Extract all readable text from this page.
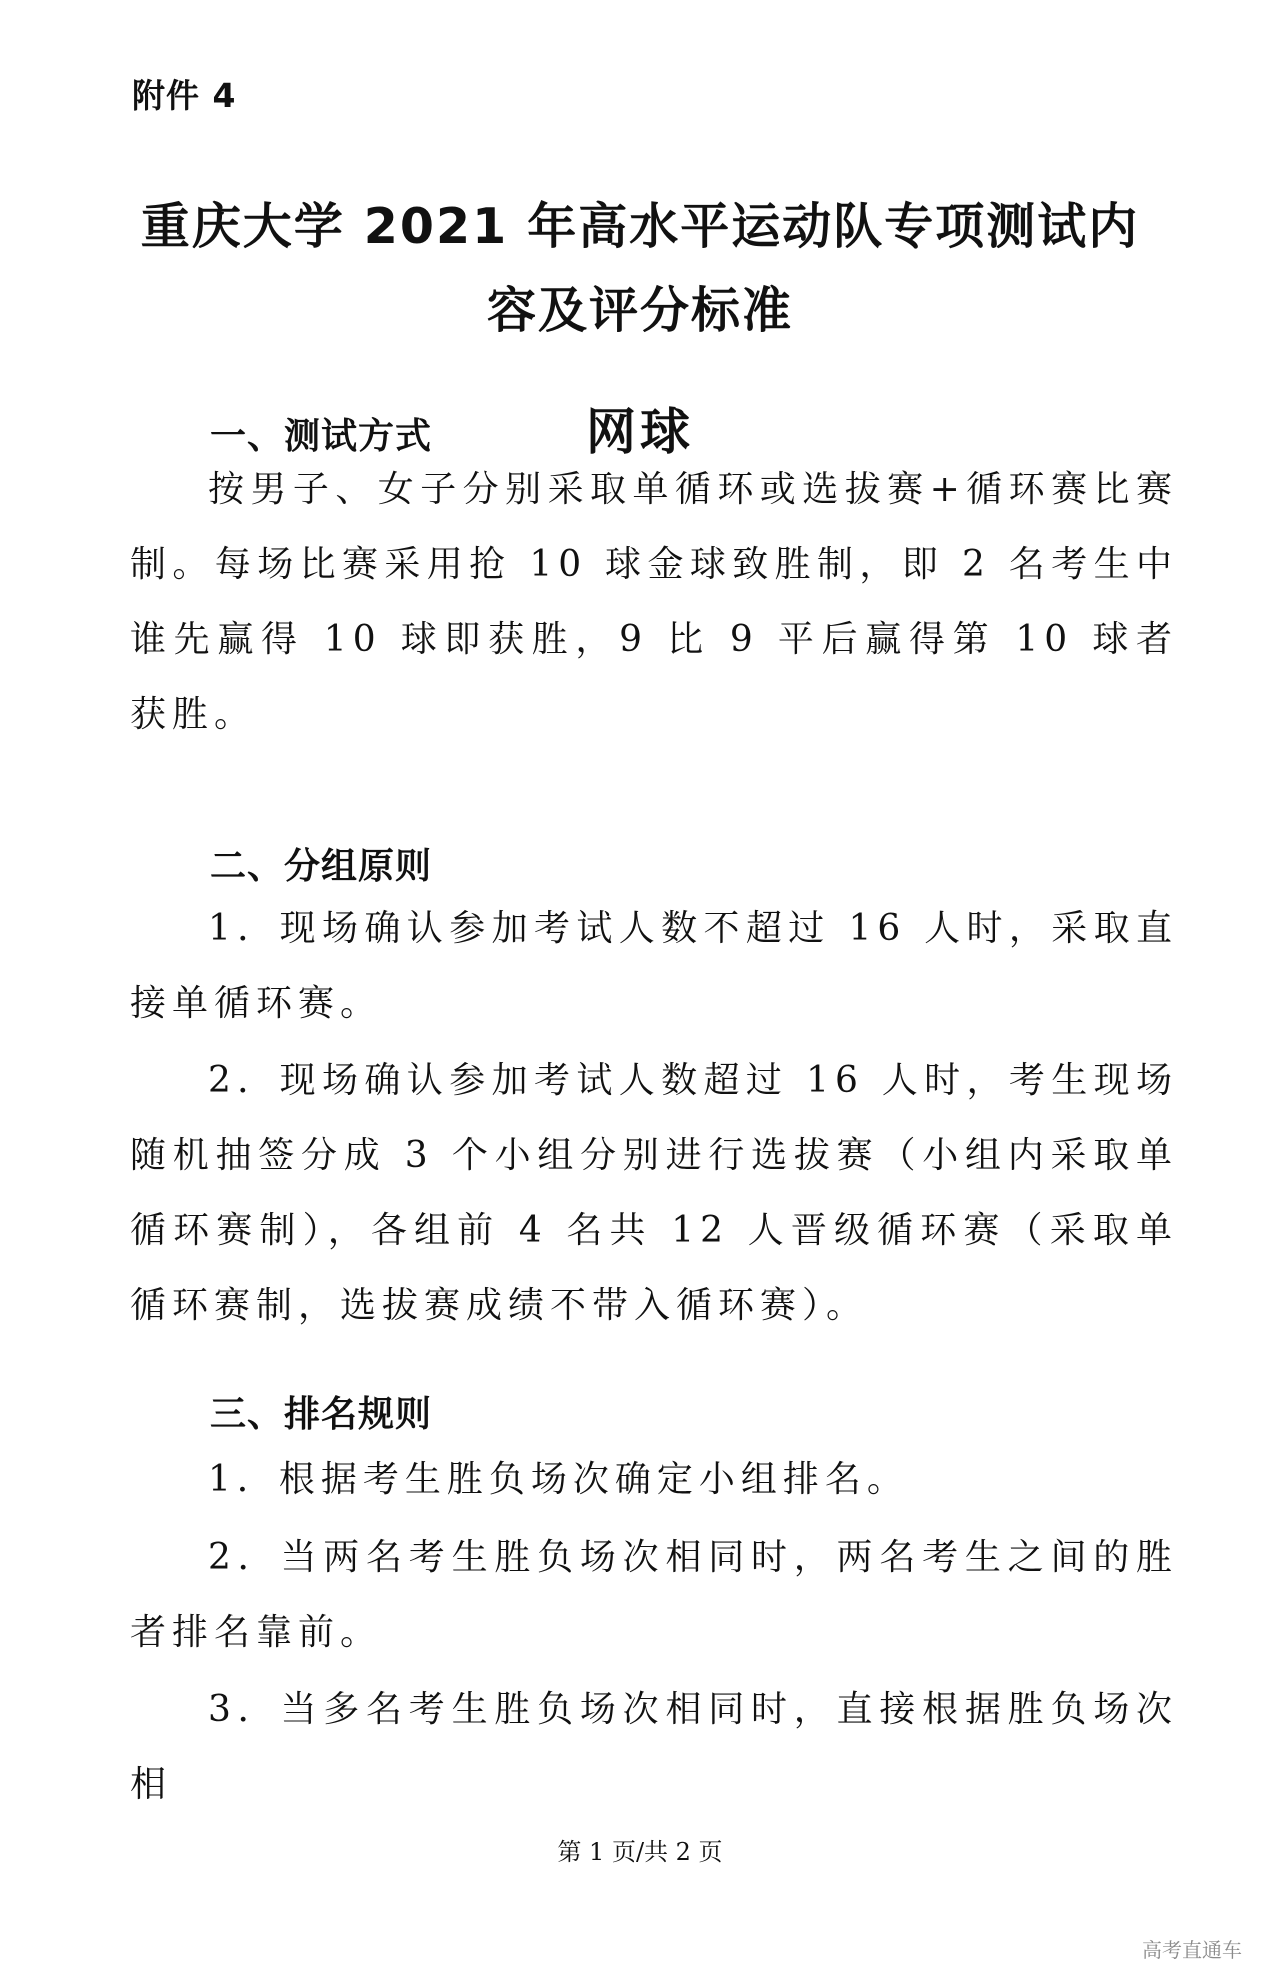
附件 4
重庆大学 2021 年高水平运动队专项测试内
容及评分标准
网球
一、测试方式

按男子、女子分别采取单循环或选拔赛+循环赛比赛制。每场比赛采用抢 10 球金球致胜制，即 2 名考生中谁先赢得 10 球即获胜，9 比 9 平后赢得第 10 球者获胜。

二、分组原则

1．现场确认参加考试人数不超过 16 人时，采取直接单循环赛。

2．现场确认参加考试人数超过 16 人时，考生现场随机抽签分成 3 个小组分别进行选拔赛（小组内采取单循环赛制），各组前 4 名共 12 人晋级循环赛（采取单循环赛制，选拔赛成绩不带入循环赛）。

三、排名规则

1．根据考生胜负场次确定小组排名。

2．当两名考生胜负场次相同时，两名考生之间的胜者排名靠前。

3．当多名考生胜负场次相同时，直接根据胜负场次相

第 1 页/共 2 页
高考直通车
